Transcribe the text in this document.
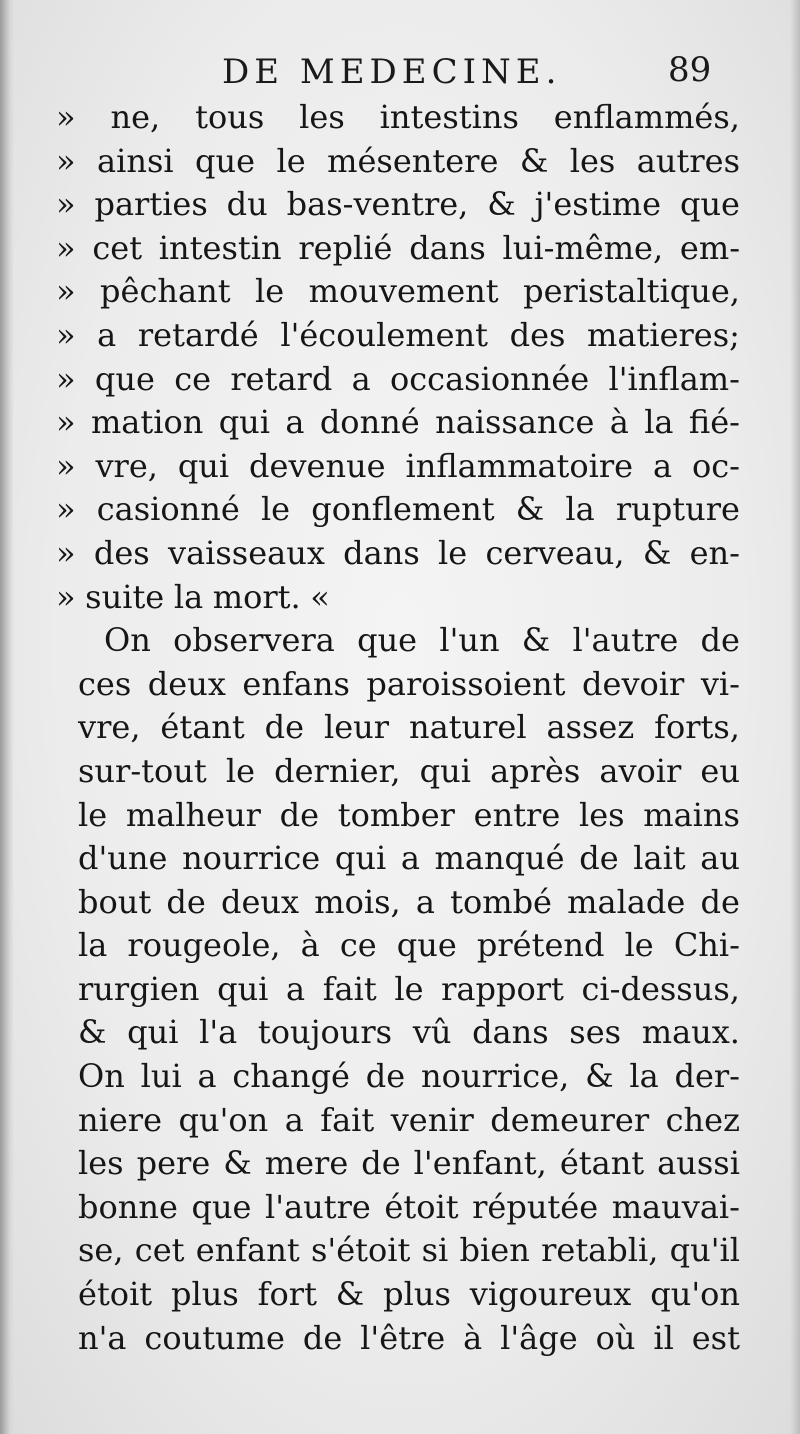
DE MEDECINE.	89
» ne, tous les intestins enflammés,
» ainsi que le mésentere & les autres
» parties du bas-ventre, & j'estime que
» cet intestin replié dans lui-même, em-
» pêchant le mouvement peristaltique,
» a retardé l'écoulement des matieres;
» que ce retard a occasionnée l'inflam-
» mation qui a donné naissance à la fié-
» vre, qui devenue inflammatoire a oc-
» casionné le gonflement & la rupture
» des vaisseaux dans le cerveau, & en-
» suite la mort. «
On observera que l'un & l'autre de
ces deux enfans paroissoient devoir vi-
vre, étant de leur naturel assez forts,
sur-tout le dernier, qui après avoir eu
le malheur de tomber entre les mains
d'une nourrice qui a manqué de lait au
bout de deux mois, a tombé malade de
la rougeole, à ce que prétend le Chi-
rurgien qui a fait le rapport ci-dessus,
& qui l'a toujours vû dans ses maux.
On lui a changé de nourrice, & la der-
niere qu'on a fait venir demeurer chez
les pere & mere de l'enfant, étant aussi
bonne que l'autre étoit réputée mauvai-
se, cet enfant s'étoit si bien retabli, qu'il
étoit plus fort & plus vigoureux qu'on
n'a coutume de l'être à l'âge où il est
